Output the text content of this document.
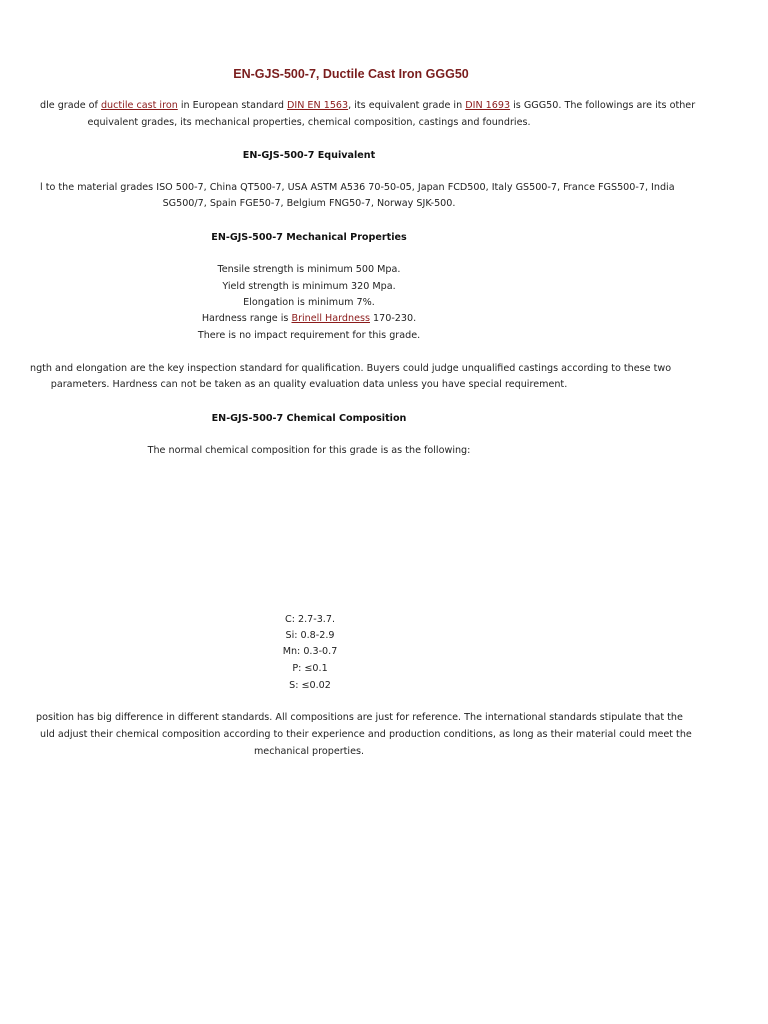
EN-GJS-500-7, Ductile Cast Iron GGG50
dle grade of ductile cast iron in European standard DIN EN 1563, its equivalent grade in DIN 1693 is GGG50. The followings are its other
equivalent grades, its mechanical properties, chemical composition, castings and foundries.
EN-GJS-500-7 Equivalent
l to the material grades ISO 500-7, China QT500-7, USA ASTM A536 70-50-05, Japan FCD500, Italy GS500-7, France FGS500-7, India
SG500/7, Spain FGE50-7, Belgium FNG50-7, Norway SJK-500.
EN-GJS-500-7 Mechanical Properties
Tensile strength is minimum 500 Mpa.
Yield strength is minimum 320 Mpa.
Elongation is minimum 7%.
Hardness range is Brinell Hardness 170-230.
There is no impact requirement for this grade.
ngth and elongation are the key inspection standard for qualification. Buyers could judge unqualified castings according to these two
parameters. Hardness can not be taken as an quality evaluation data unless you have special requirement.
EN-GJS-500-7 Chemical Composition
The normal chemical composition for this grade is as the following:
C: 2.7-3.7.
Si: 0.8-2.9
Mn: 0.3-0.7
P: ≤0.1
S: ≤0.02
position has big difference in different standards. All compositions are just for reference. The international standards stipulate that the
uld adjust their chemical composition according to their experience and production conditions, as long as their material could meet the
mechanical properties.
